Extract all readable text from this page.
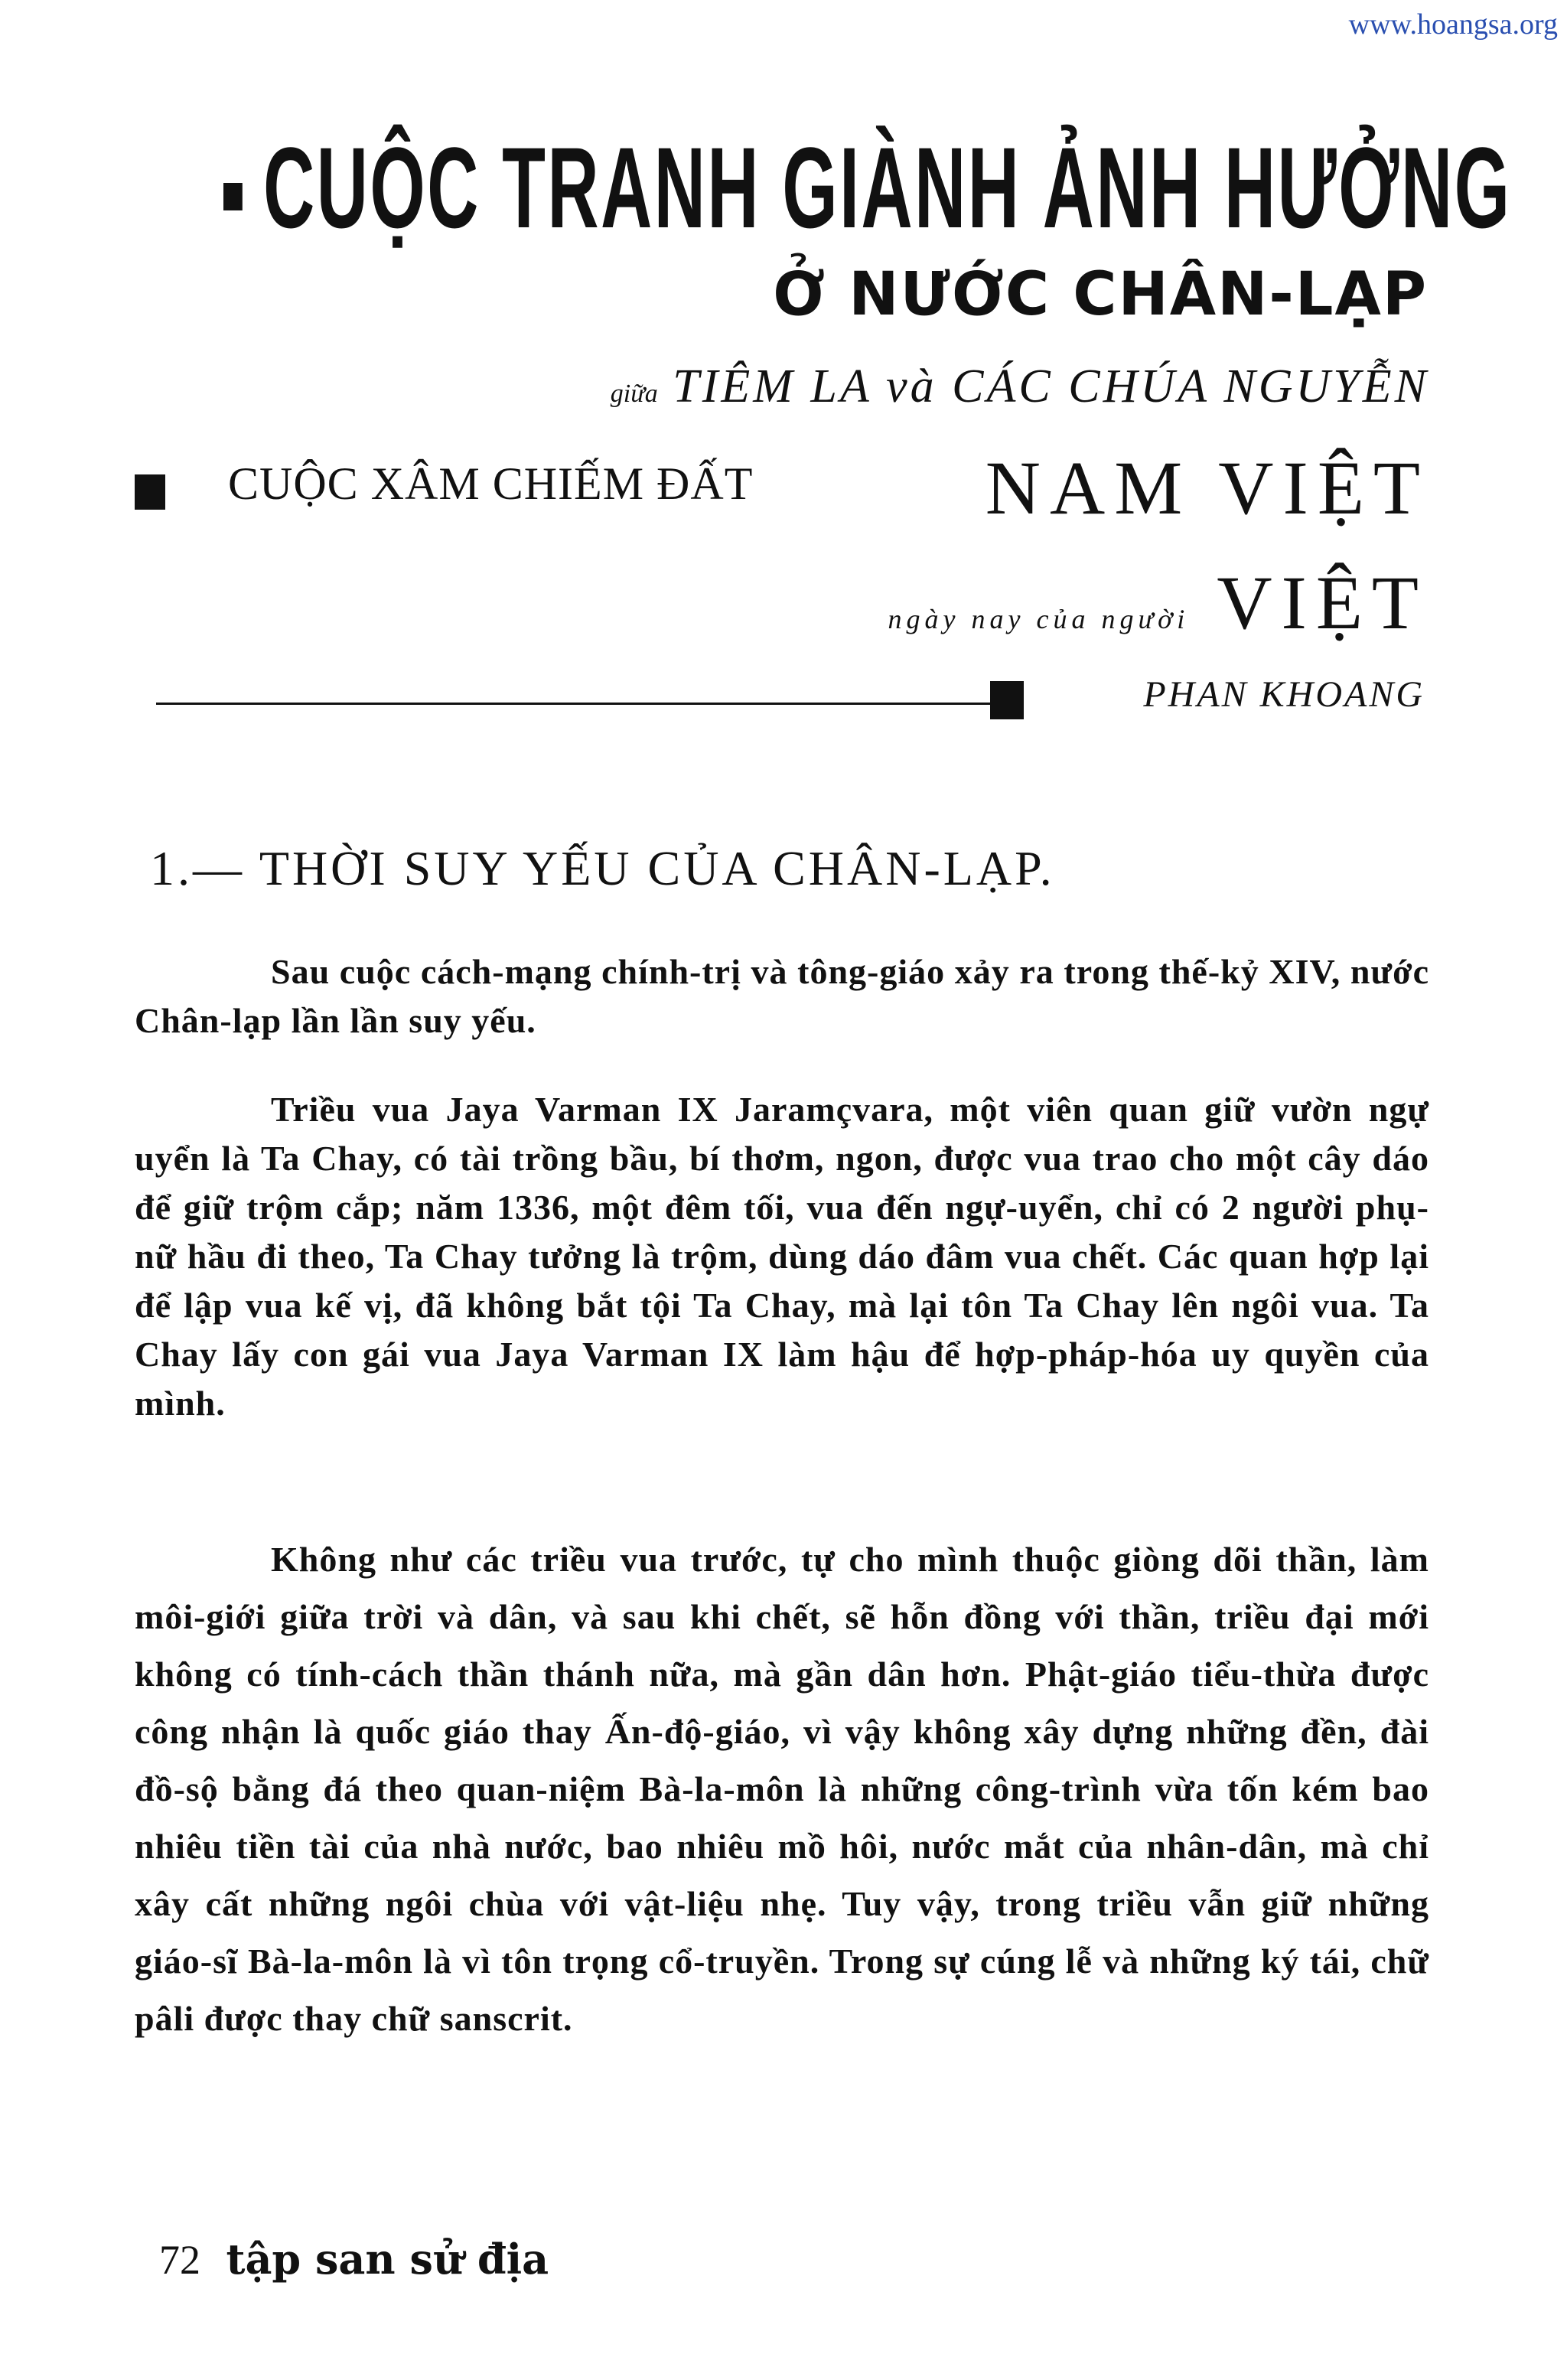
www.hoangsa.org
CUỘC TRANH GIÀNH ẢNH HƯỞNG
Ở NƯỚC CHÂN-LẠP
giữa TIÊM LA và CÁC CHÚA NGUYỄN
CUỘC XÂM CHIẾM ĐẤT	NAM VIỆT
ngày nay của người VIỆT
PHAN KHOANG
1.— THỜI SUY YẾU CỦA CHÂN-LẠP.
Sau cuộc cách-mạng chính-trị và tông-giáo xảy ra trong thế-kỷ XIV, nước Chân-lạp lần lần suy yếu.
Triều vua Jaya Varman IX Jaramçvara, một viên quan giữ vườn ngự uyển là Ta Chay, có tài trồng bầu, bí thơm, ngon, được vua trao cho một cây dáo để giữ trộm cắp; năm 1336, một đêm tối, vua đến ngự-uyển, chỉ có 2 người phụ-nữ hầu đi theo, Ta Chay tưởng là trộm, dùng dáo đâm vua chết. Các quan hợp lại để lập vua kế vị, đã không bắt tội Ta Chay, mà lại tôn Ta Chay lên ngôi vua. Ta Chay lấy con gái vua Jaya Varman IX làm hậu để hợp-pháp-hóa uy quyền của mình.
Không như các triều vua trước, tự cho mình thuộc giòng dõi thần, làm môi-giới giữa trời và dân, và sau khi chết, sẽ hỗn đồng với thần, triều đại mới không có tính-cách thần thánh nữa, mà gần dân hơn. Phật-giáo tiểu-thừa được công nhận là quốc giáo thay Ấn-độ-giáo, vì vậy không xây dựng những đền, đài đồ-sộ bằng đá theo quan-niệm Bà-la-môn là những công-trình vừa tốn kém bao nhiêu tiền tài của nhà nước, bao nhiêu mồ hôi, nước mắt của nhân-dân, mà chỉ xây cất những ngôi chùa với vật-liệu nhẹ. Tuy vậy, trong triều vẫn giữ những giáo-sĩ Bà-la-môn là vì tôn trọng cổ-truyền. Trong sự cúng lễ và những ký tái, chữ pâli được thay chữ sanscrit.
72 tập san sử địa
